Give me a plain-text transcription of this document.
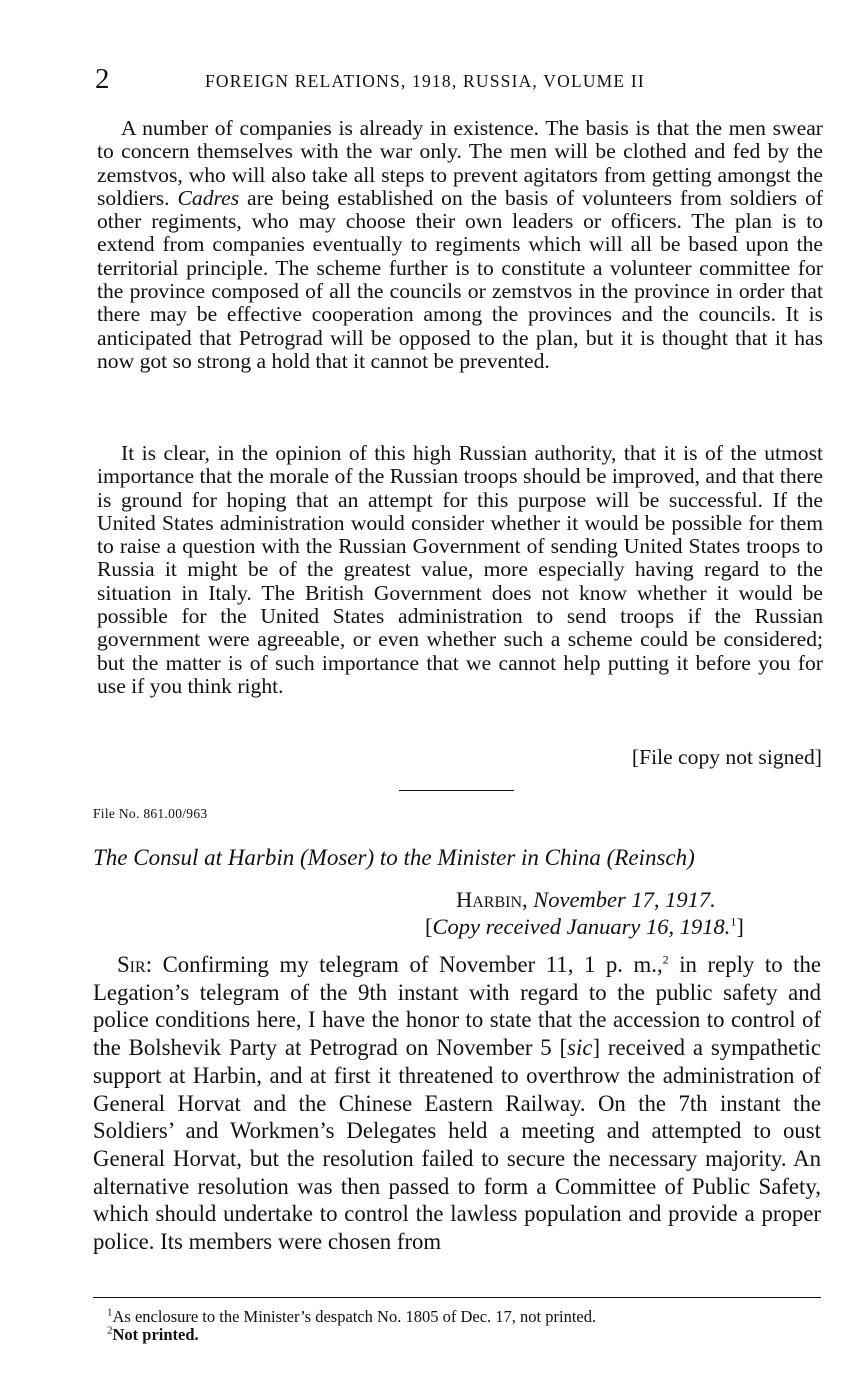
2	FOREIGN RELATIONS, 1918, RUSSIA, VOLUME II
A number of companies is already in existence. The basis is that the men swear to concern themselves with the war only. The men will be clothed and fed by the zemstvos, who will also take all steps to prevent agitators from getting amongst the soldiers. Cadres are being established on the basis of volunteers from soldiers of other regiments, who may choose their own leaders or officers. The plan is to extend from companies eventually to regiments which will all be based upon the territorial principle. The scheme further is to constitute a volunteer committee for the province composed of all the councils or zemstvos in the province in order that there may be effective cooperation among the provinces and the councils. It is anticipated that Petrograd will be opposed to the plan, but it is thought that it has now got so strong a hold that it cannot be prevented.
It is clear, in the opinion of this high Russian authority, that it is of the utmost importance that the morale of the Russian troops should be improved, and that there is ground for hoping that an attempt for this purpose will be successful. If the United States administration would consider whether it would be possible for them to raise a question with the Russian Government of sending United States troops to Russia it might be of the greatest value, more especially having regard to the situation in Italy. The British Government does not know whether it would be possible for the United States administration to send troops if the Russian government were agreeable, or even whether such a scheme could be considered; but the matter is of such importance that we cannot help putting it before you for use if you think right.
[File copy not signed]
File No. 861.00/963
The Consul at Harbin (Moser) to the Minister in China (Reinsch)
Harbin, November 17, 1917.
[Copy received January 16, 1918.$^1$]
Sir: Confirming my telegram of November 11, 1 p. m.,$^2$ in reply to the Legation’s telegram of the 9th instant with regard to the public safety and police conditions here, I have the honor to state that the accession to control of the Bolshevik Party at Petrograd on November 5 [sic] received a sympathetic support at Harbin, and at first it threatened to overthrow the administration of General Horvat and the Chinese Eastern Railway. On the 7th instant the Soldiers’ and Workmen’s Delegates held a meeting and attempted to oust General Horvat, but the resolution failed to secure the necessary majority. An alternative resolution was then passed to form a Committee of Public Safety, which should undertake to control the lawless population and provide a proper police. Its members were chosen from
$^1$As enclosure to the Minister’s despatch No. 1805 of Dec. 17, not printed.
$^2$Not printed.
